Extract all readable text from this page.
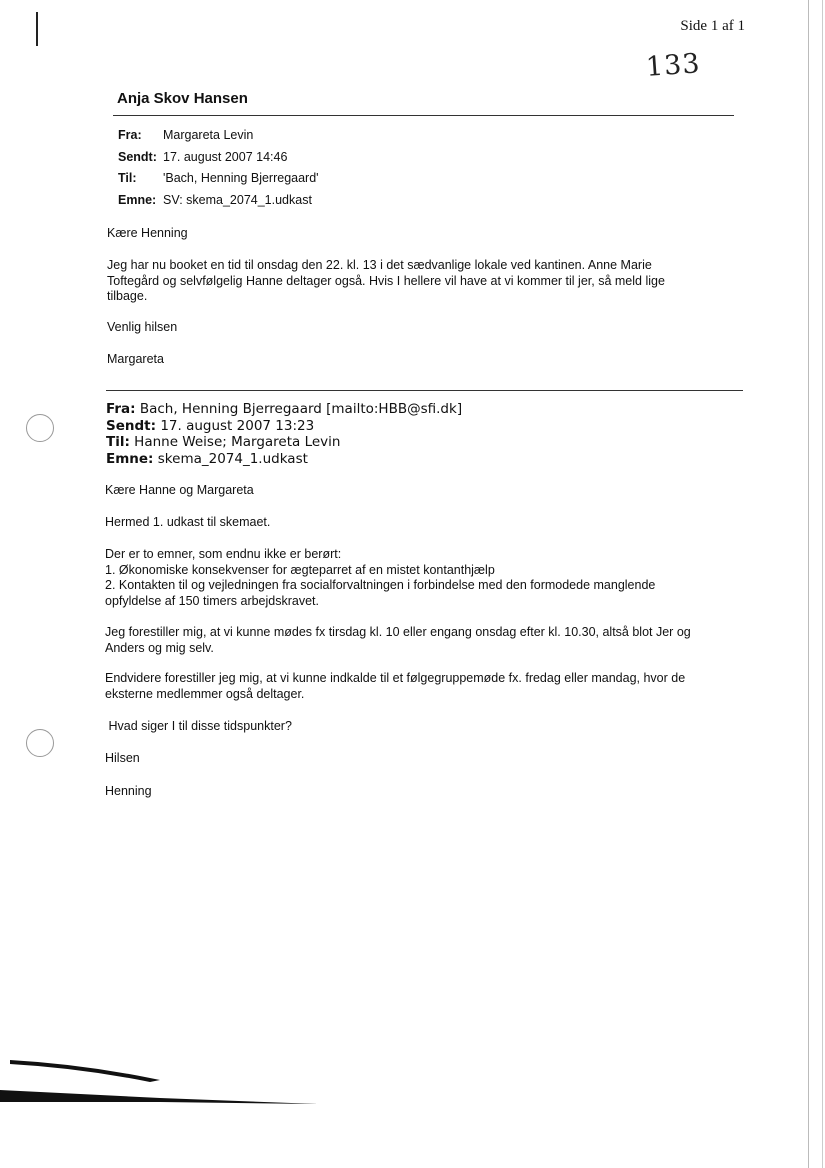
Side 1 af 1
133
Anja Skov Hansen
Fra:	Margareta Levin
Sendt: 17. august 2007 14:46
Til:	'Bach, Henning Bjerregaard'
Emne: SV: skema_2074_1.udkast
Kære Henning
Jeg har nu booket en tid til onsdag den 22. kl. 13 i det sædvanlige lokale ved kantinen. Anne Marie
Toftegård og selvfølgelig Hanne deltager også. Hvis I hellere vil have at vi kommer til jer, så meld lige
tilbage.
Venlig hilsen
Margareta
Fra: Bach, Henning Bjerregaard [mailto:HBB@sfi.dk]
Sendt: 17. august 2007 13:23
Til: Hanne Weise; Margareta Levin
Emne: skema_2074_1.udkast
Kære Hanne og Margareta
Hermed 1. udkast til skemaet.
Der er to emner, som endnu ikke er berørt:
1. Økonomiske konsekvenser for ægteparret af en mistet kontanthjælp
2. Kontakten til og vejledningen fra socialforvaltningen i forbindelse med den formodede manglende
opfyldelse af 150 timers arbejdskravet.
Jeg forestiller mig, at vi kunne mødes fx tirsdag kl. 10 eller engang onsdag efter kl. 10.30, altså blot Jer og
Anders og mig selv.
Endvidere forestiller jeg mig, at vi kunne indkalde til et følgegruppemøde fx. fredag eller mandag, hvor de
eksterne medlemmer også deltager.
Hvad siger I til disse tidspunkter?
Hilsen
Henning
